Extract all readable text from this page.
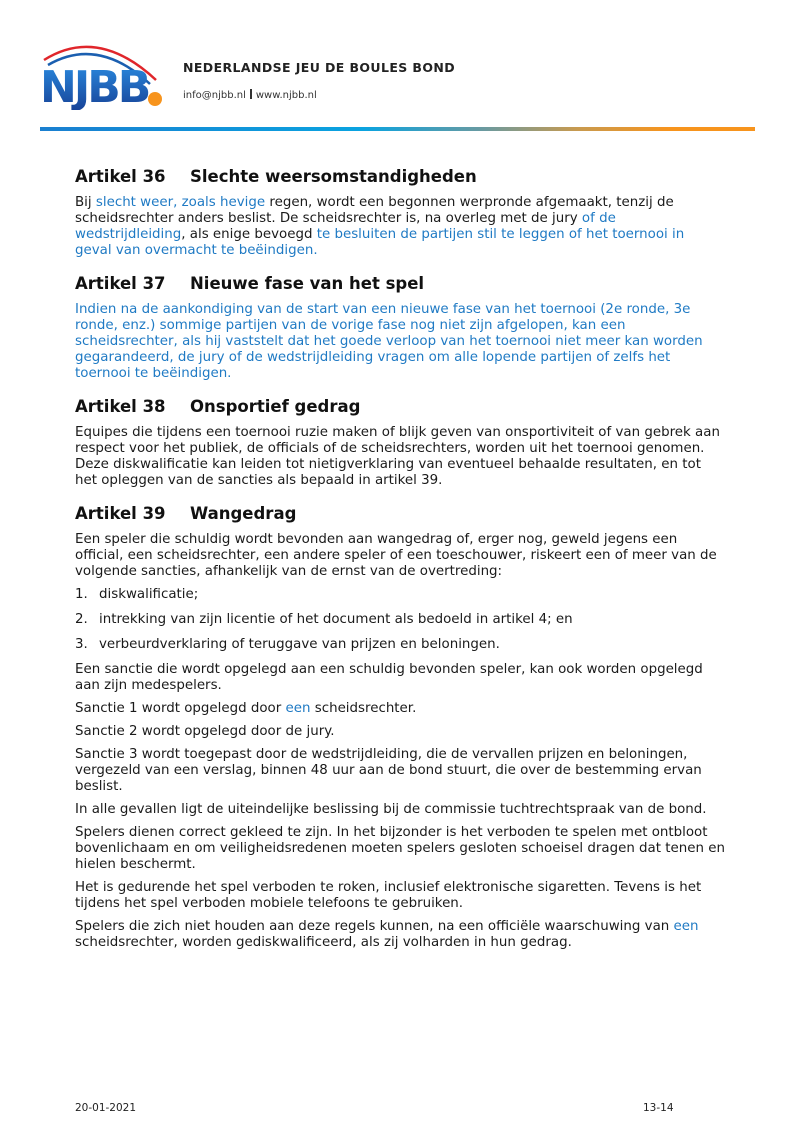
NJBB	NEDERLANDSE JEU DE BOULES BOND
info@njbb.nl www.njbb.nl
Artikel 36 Slechte weersomstandigheden

Bij slecht weer, zoals hevige regen, wordt een begonnen werpronde afgemaakt, tenzij de scheidsrechter anders beslist. De scheidsrechter is, na overleg met de jury of de wedstrijdleiding, als enige bevoegd te besluiten de partijen stil te leggen of het toernooi in geval van overmacht te beëindigen.

Artikel 37 Nieuwe fase van het spel

Indien na de aankondiging van de start van een nieuwe fase van het toernooi (2e ronde, 3e ronde, enz.) sommige partijen van de vorige fase nog niet zijn afgelopen, kan een scheidsrechter, als hij vaststelt dat het goede verloop van het toernooi niet meer kan worden gegarandeerd, de jury of de wedstrijdleiding vragen om alle lopende partijen of zelfs het toernooi te beëindigen.

Artikel 38 Onsportief gedrag

Equipes die tijdens een toernooi ruzie maken of blijk geven van onsportiviteit of van gebrek aan respect voor het publiek, de officials of de scheidsrechters, worden uit het toernooi genomen. Deze diskwalificatie kan leiden tot nietigverklaring van eventueel behaalde resultaten, en tot het opleggen van de sancties als bepaald in artikel 39.

Artikel 39 Wangedrag

Een speler die schuldig wordt bevonden aan wangedrag of, erger nog, geweld jegens een official, een scheidsrechter, een andere speler of een toeschouwer, riskeert een of meer van de volgende sancties, afhankelijk van de ernst van de overtreding:

1. diskwalificatie;
2. intrekking van zijn licentie of het document als bedoeld in artikel 4; en
3. verbeurdverklaring of teruggave van prijzen en beloningen.

Een sanctie die wordt opgelegd aan een schuldig bevonden speler, kan ook worden opgelegd aan zijn medespelers.

Sanctie 1 wordt opgelegd door een scheidsrechter.

Sanctie 2 wordt opgelegd door de jury.

Sanctie 3 wordt toegepast door de wedstrijdleiding, die de vervallen prijzen en beloningen, vergezeld van een verslag, binnen 48 uur aan de bond stuurt, die over de bestemming ervan beslist.

In alle gevallen ligt de uiteindelijke beslissing bij de commissie tuchtrechtspraak van de bond.

Spelers dienen correct gekleed te zijn. In het bijzonder is het verboden te spelen met ontbloot bovenlichaam en om veiligheidsredenen moeten spelers gesloten schoeisel dragen dat tenen en hielen beschermt.

Het is gedurende het spel verboden te roken, inclusief elektronische sigaretten. Tevens is het tijdens het spel verboden mobiele telefoons te gebruiken.

Spelers die zich niet houden aan deze regels kunnen, na een officiële waarschuwing van een scheidsrechter, worden gediskwalificeerd, als zij volharden in hun gedrag.

20-01-2021	13-14
